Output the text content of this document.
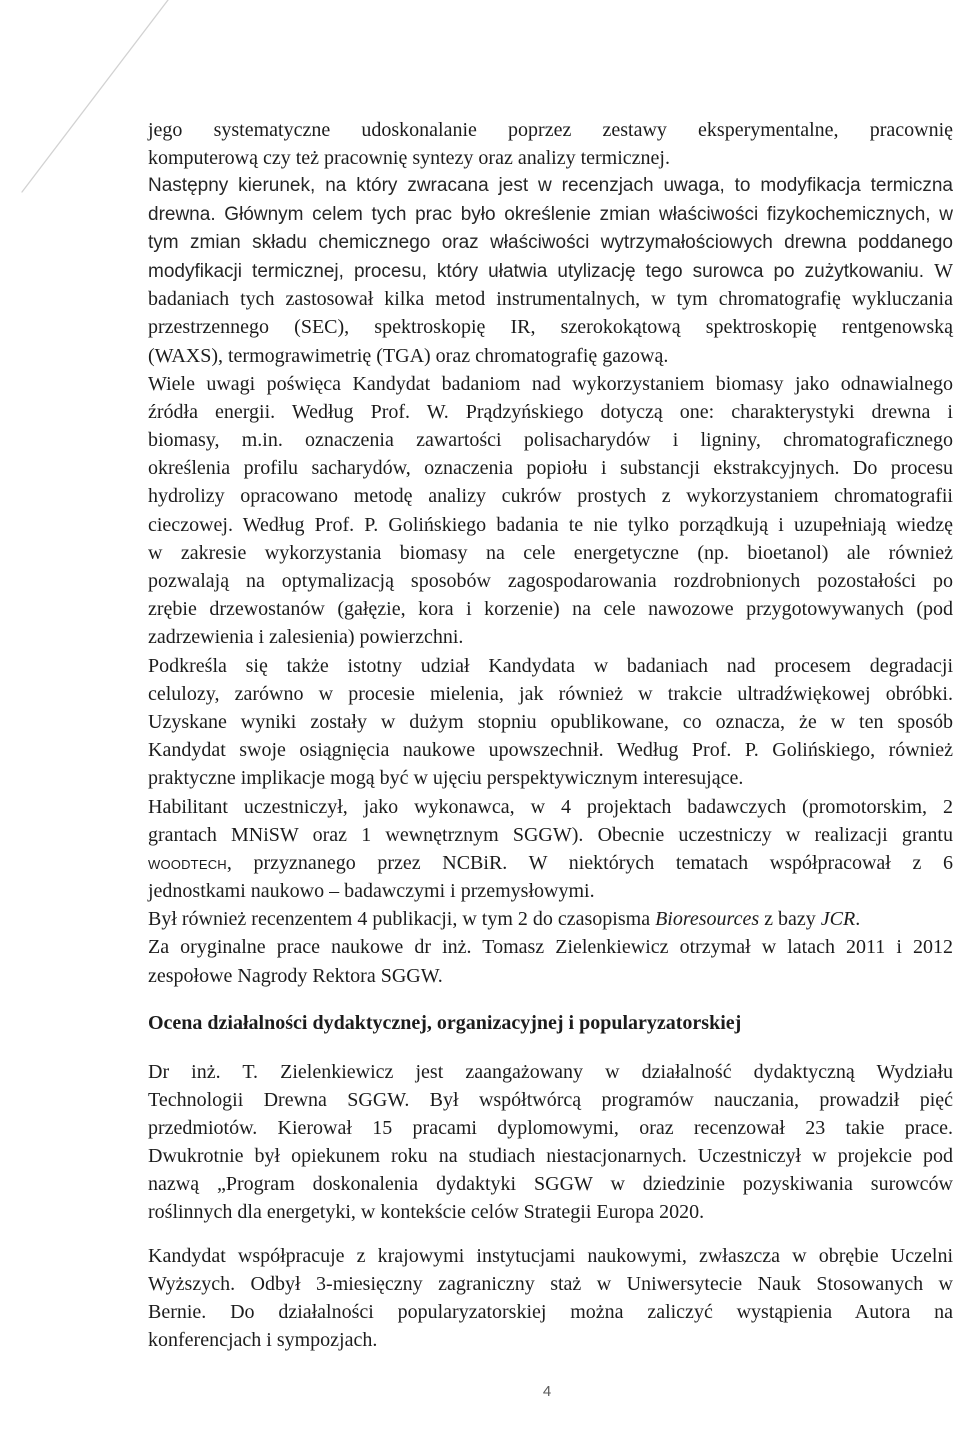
jego systematyczne udoskonalanie poprzez zestawy eksperymentalne, pracownię
komputerową czy też pracownię syntezy oraz analizy termicznej.
Następny kierunek, na który zwracana jest w recenzjach uwaga, to modyfikacja termiczna
drewna. Głównym celem tych prac było określenie zmian właściwości fizykochemicznych, w
tym zmian składu chemicznego oraz właściwości wytrzymałościowych drewna poddanego
modyfikacji termicznej, procesu, który ułatwia utylizację tego surowca po zużytkowaniu. W
badaniach tych zastosował kilka metod instrumentalnych, w tym chromatografię wykluczania
przestrzennego (SEC), spektroskopię IR, szerokokątową spektroskopię rentgenowską
(WAXS), termograwimetrię (TGA) oraz chromatografię gazową.
Wiele uwagi poświęca Kandydat badaniom nad wykorzystaniem biomasy jako odnawialnego
źródła energii. Według Prof. W. Prądzyńskiego dotyczą one: charakterystyki drewna i
biomasy, m.in. oznaczenia zawartości polisacharydów i ligniny, chromatograficznego
określenia profilu sacharydów, oznaczenia popiołu i substancji ekstrakcyjnych. Do procesu
hydrolizy opracowano metodę analizy cukrów prostych z wykorzystaniem chromatografii
cieczowej. Według Prof. P. Golińskiego badania te nie tylko porządkują i uzupełniają wiedzę
w zakresie wykorzystania biomasy na cele energetyczne (np. bioetanol) ale również
pozwalają na optymalizacją sposobów zagospodarowania rozdrobnionych pozostałości po
zrębie drzewostanów (gałęzie, kora i korzenie) na cele nawozowe przygotowywanych (pod
zadrzewienia i zalesienia) powierzchni.
Podkreśla się także istotny udział Kandydata w badaniach nad procesem degradacji
celulozy, zarówno w procesie mielenia, jak również w trakcie ultradźwiękowej obróbki.
Uzyskane wyniki zostały w dużym stopniu opublikowane, co oznacza, że w ten sposób
Kandydat swoje osiągnięcia naukowe upowszechnił. Według Prof. P. Golińskiego, również
praktyczne implikacje mogą być w ujęciu perspektywicznym interesujące.
Habilitant uczestniczył, jako wykonawca, w 4 projektach badawczych (promotorskim, 2
grantach MNiSW oraz 1 wewnętrznym SGGW). Obecnie uczestniczy w realizacji grantu
WOODTECH, przyznanego przez NCBiR. W niektórych tematach współpracował z 6
jednostkami naukowo – badawczymi i przemysłowymi.
Był również recenzentem 4 publikacji, w tym 2 do czasopisma Bioresources z bazy JCR.
Za oryginalne prace naukowe dr inż. Tomasz Zielenkiewicz otrzymał w latach 2011 i 2012
zespołowe Nagrody Rektora SGGW.
Ocena działalności dydaktycznej, organizacyjnej i popularyzatorskiej
Dr inż. T. Zielenkiewicz jest zaangażowany w działalność dydaktyczną Wydziału
Technologii Drewna SGGW. Był współtwórcą programów nauczania, prowadził pięć
przedmiotów. Kierował 15 pracami dyplomowymi, oraz recenzował 23 takie prace.
Dwukrotnie był opiekunem roku na studiach niestacjonarnych. Uczestniczył w projekcie pod
nazwą „Program doskonalenia dydaktyki SGGW w dziedzinie pozyskiwania surowców
roślinnych dla energetyki, w kontekście celów Strategii Europa 2020.
Kandydat współpracuje z krajowymi instytucjami naukowymi, zwłaszcza w obrębie Uczelni
Wyższych. Odbył 3-miesięczny zagraniczny staż w Uniwersytecie Nauk Stosowanych w
Bernie. Do działalności popularyzatorskiej można zaliczyć wystąpienia Autora na
konferencjach i sympozjach.
4
